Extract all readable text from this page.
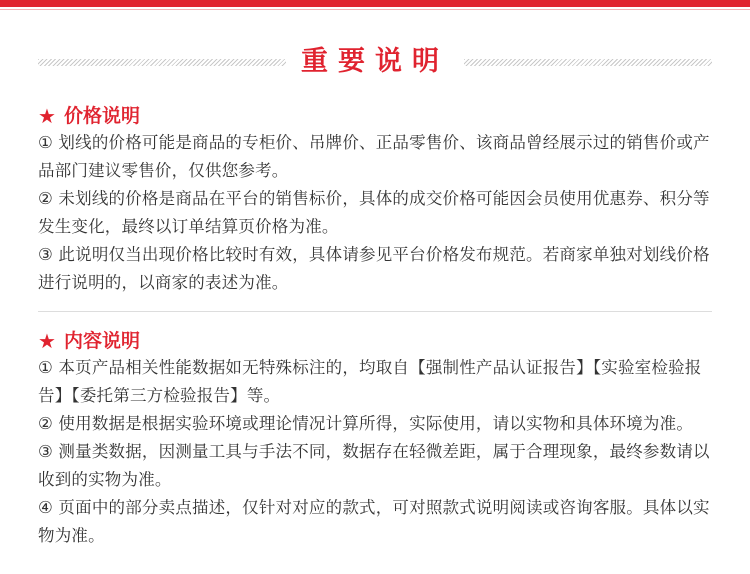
重要说明
★ 价格说明

① 划线的价格可能是商品的专柜价、吊牌价、正品零售价、该商品曾经展示过的销售价或产品部门建议零售价，仅供您参考。

② 未划线的价格是商品在平台的销售标价，具体的成交价格可能因会员使用优惠券、积分等发生变化，最终以订单结算页价格为准。

③ 此说明仅当出现价格比较时有效，具体请参见平台价格发布规范。若商家单独对划线价格进行说明的，以商家的表述为准。

★ 内容说明

① 本页产品相关性能数据如无特殊标注的，均取自【强制性产品认证报告】【实验室检验报告】【委托第三方检验报告】等。

② 使用数据是根据实验环境或理论情况计算所得，实际使用，请以实物和具体环境为准。

③ 测量类数据，因测量工具与手法不同，数据存在轻微差距，属于合理现象，最终参数请以收到的实物为准。

④ 页面中的部分卖点描述，仅针对对应的款式，可对照款式说明阅读或咨询客服。具体以实物为准。
